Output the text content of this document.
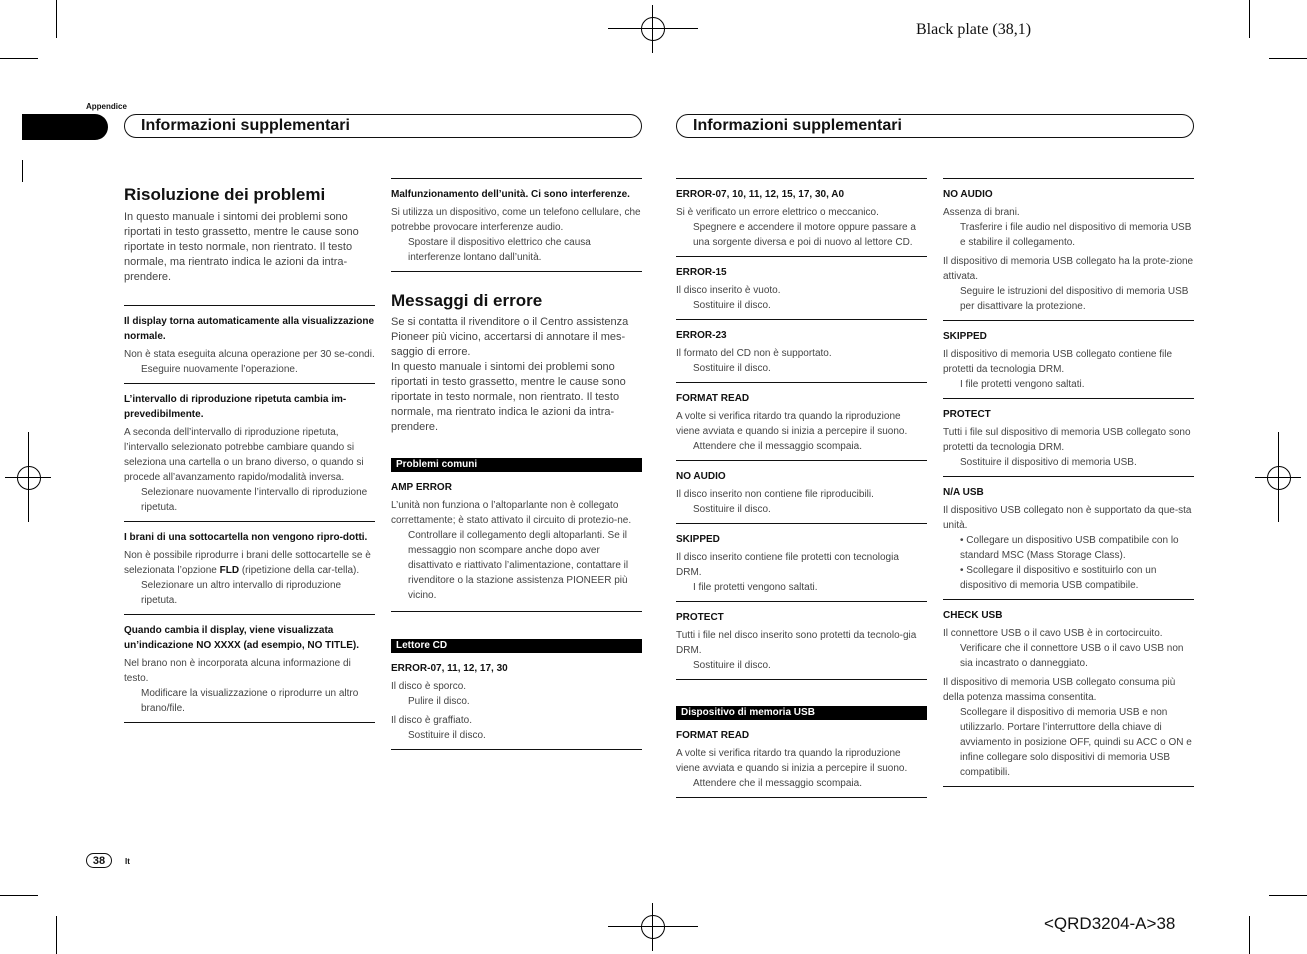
Black plate (38,1)
<QRD3204-A>38
Appendice
Informazioni supplementari	Informazioni supplementari
38	It
Risoluzione dei problemi
In questo manuale i sintomi dei problemi sono riportati in testo grassetto, mentre le cause sono riportate in testo normale, non rientrato. Il testo normale, ma rientrato indica le azioni da intra-prendere.
Il display torna automaticamente alla visualizzazione normale.
Non è stata eseguita alcuna operazione per 30 se-condi.
Eseguire nuovamente l’operazione.
L’intervallo di riproduzione ripetuta cambia im-prevedibilmente.
A seconda dell’intervallo di riproduzione ripetuta, l’intervallo selezionato potrebbe cambiare quando si seleziona una cartella o un brano diverso, o quando si procede all’avanzamento rapido/modalità inversa.
Selezionare nuovamente l’intervallo di riproduzione ripetuta.
I brani di una sottocartella non vengono ripro-dotti.
Non è possibile riprodurre i brani delle sottocartelle se è selezionata l’opzione FLD (ripetizione della car-tella).
Selezionare un altro intervallo di riproduzione ripetuta.
Quando cambia il display, viene visualizzata un’indicazione NO XXXX (ad esempio, NO TITLE).
Nel brano non è incorporata alcuna informazione di testo.
Modificare la visualizzazione o riprodurre un altro brano/file.
Malfunzionamento dell’unità. Ci sono interferenze.
Si utilizza un dispositivo, come un telefono cellulare, che potrebbe provocare interferenze audio.
Spostare il dispositivo elettrico che causa interferenze lontano dall’unità.
Messaggi di errore
Se si contatta il rivenditore o il Centro assistenza Pioneer più vicino, accertarsi di annotare il mes-saggio di errore.
In questo manuale i sintomi dei problemi sono riportati in testo grassetto, mentre le cause sono riportate in testo normale, non rientrato. Il testo normale, ma rientrato indica le azioni da intra-prendere.
Problemi comuni
AMP ERROR
L’unità non funziona o l’altoparlante non è collegato correttamente; è stato attivato il circuito di protezio-ne.
Controllare il collegamento degli altoparlanti. Se il messaggio non scompare anche dopo aver disattivato e riattivato l’alimentazione, contattare il rivenditore o la stazione assistenza PIONEER più vicino.
Lettore CD
ERROR-07, 11, 12, 17, 30
Il disco è sporco.
Pulire il disco.
Il disco è graffiato.
Sostituire il disco.
ERROR-07, 10, 11, 12, 15, 17, 30, A0
Si è verificato un errore elettrico o meccanico.
Spegnere e accendere il motore oppure passare a una sorgente diversa e poi di nuovo al lettore CD.
ERROR-15
Il disco inserito è vuoto.
Sostituire il disco.
ERROR-23
Il formato del CD non è supportato.
Sostituire il disco.
FORMAT READ
A volte si verifica ritardo tra quando la riproduzione viene avviata e quando si inizia a percepire il suono.
Attendere che il messaggio scompaia.
NO AUDIO
Il disco inserito non contiene file riproducibili.
Sostituire il disco.
SKIPPED
Il disco inserito contiene file protetti con tecnologia DRM.
I file protetti vengono saltati.
PROTECT
Tutti i file nel disco inserito sono protetti da tecnolo-gia DRM.
Sostituire il disco.
Dispositivo di memoria USB
FORMAT READ
A volte si verifica ritardo tra quando la riproduzione viene avviata e quando si inizia a percepire il suono.
Attendere che il messaggio scompaia.
NO AUDIO
Assenza di brani.
Trasferire i file audio nel dispositivo di memoria USB e stabilire il collegamento.
Il dispositivo di memoria USB collegato ha la prote-zione attivata.
Seguire le istruzioni del dispositivo di memoria USB per disattivare la protezione.
SKIPPED
Il dispositivo di memoria USB collegato contiene file protetti da tecnologia DRM.
I file protetti vengono saltati.
PROTECT
Tutti i file sul dispositivo di memoria USB collegato sono protetti da tecnologia DRM.
Sostituire il dispositivo di memoria USB.
N/A USB
Il dispositivo USB collegato non è supportato da que-sta unità.
• Collegare un dispositivo USB compatibile con lo standard MSC (Mass Storage Class).
• Scollegare il dispositivo e sostituirlo con un dispositivo di memoria USB compatibile.
CHECK USB
Il connettore USB o il cavo USB è in cortocircuito.
Verificare che il connettore USB o il cavo USB non sia incastrato o danneggiato.
Il dispositivo di memoria USB collegato consuma più della potenza massima consentita.
Scollegare il dispositivo di memoria USB e non utilizzarlo. Portare l’interruttore della chiave di avviamento in posizione OFF, quindi su ACC o ON e infine collegare solo dispositivi di memoria USB compatibili.
